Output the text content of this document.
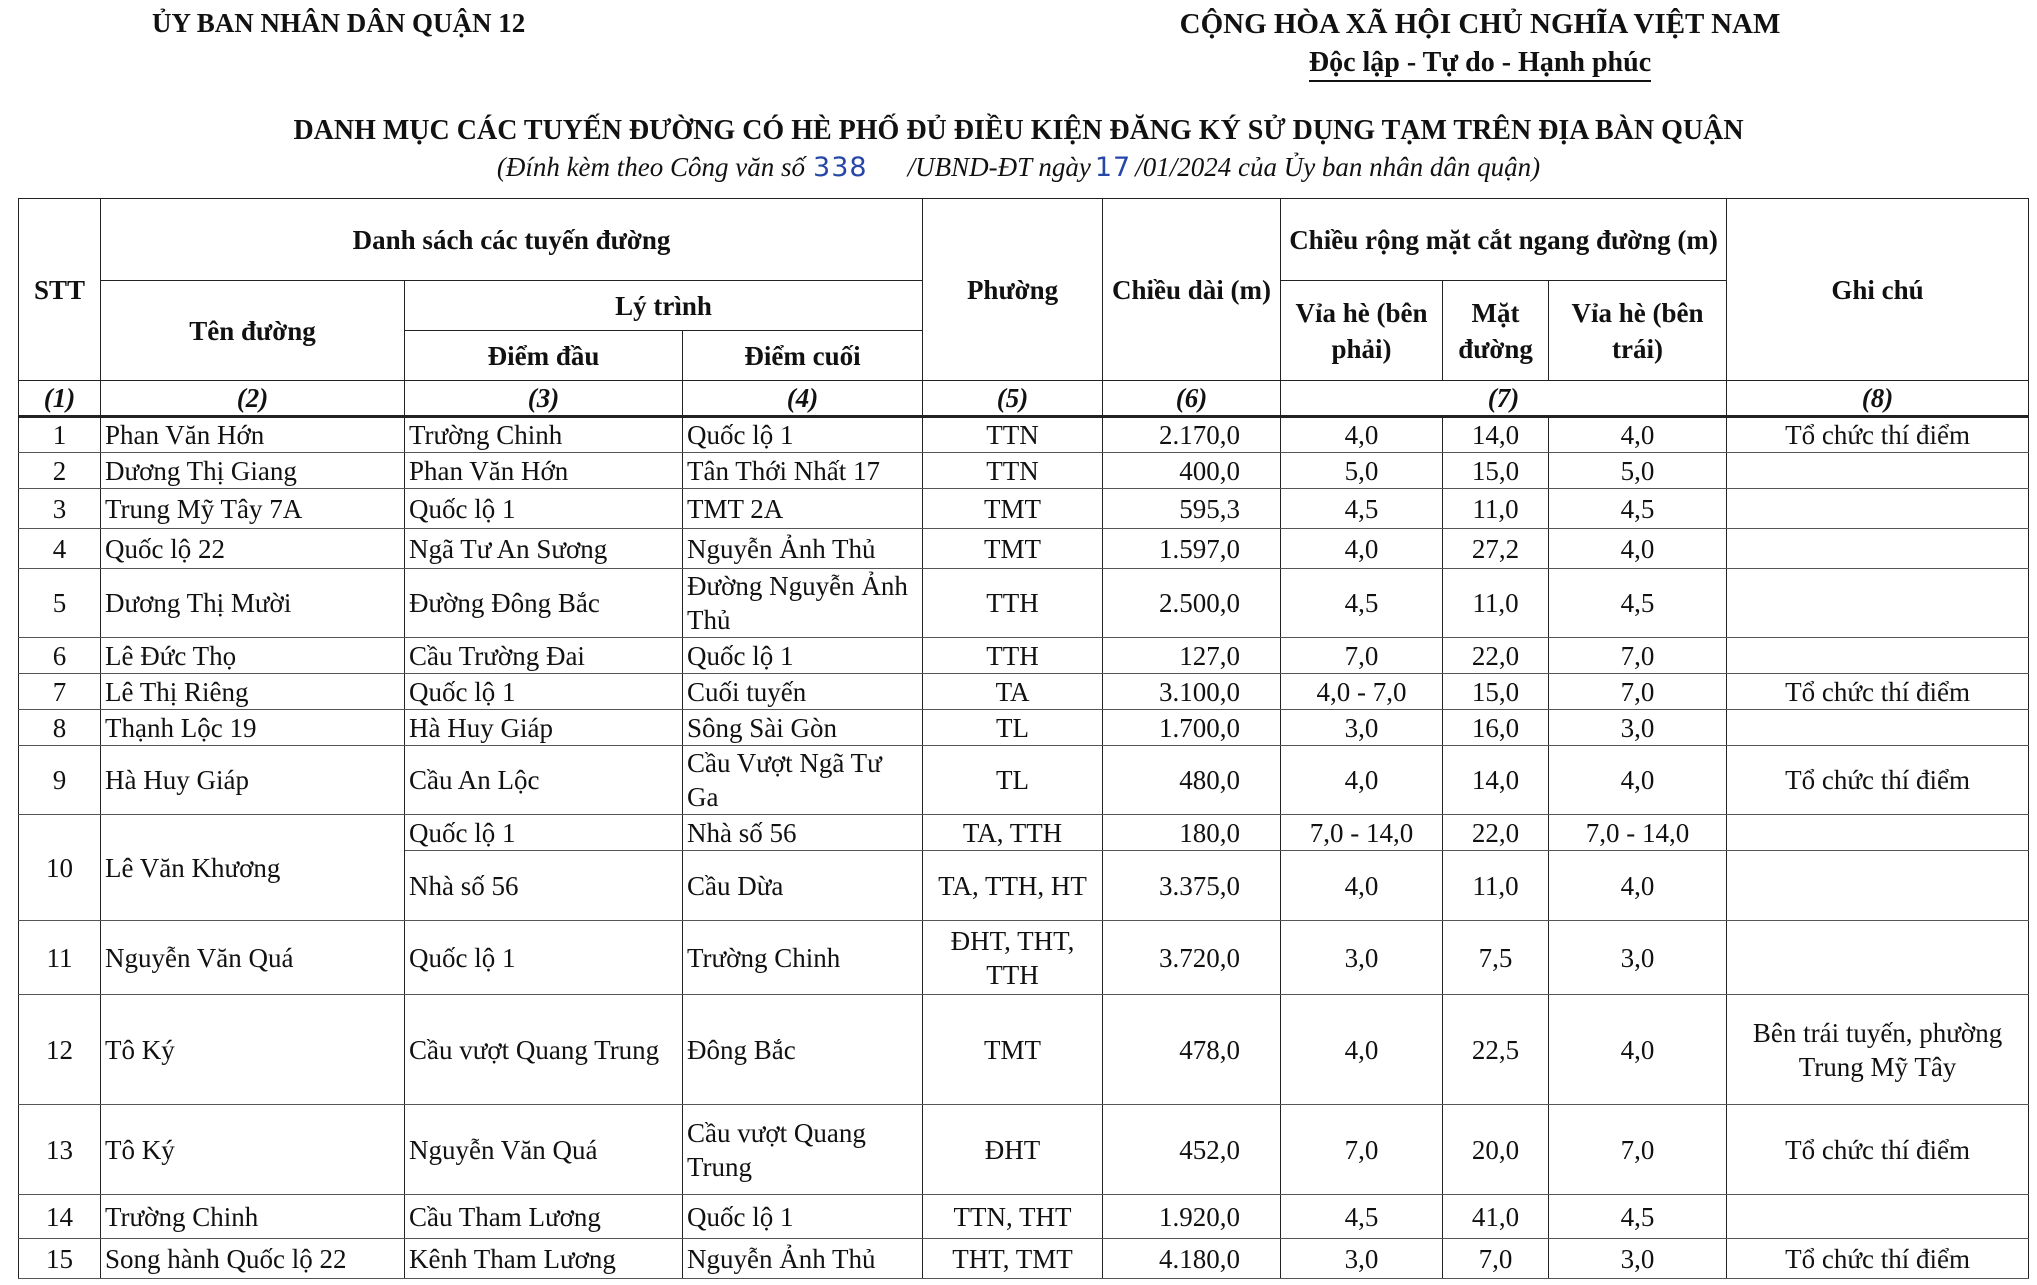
ỦY BAN NHÂN DÂN QUẬN 12	CỘNG HÒA XÃ HỘI CHỦ NGHĨA VIỆT NAM
Độc lập - Tự do - Hạnh phúc
DANH MỤC CÁC TUYẾN ĐƯỜNG CÓ HÈ PHỐ ĐỦ ĐIỀU KIỆN ĐĂNG KÝ SỬ DỤNG TẠM TRÊN ĐỊA BÀN QUẬN
(Đính kèm theo Công văn số 338 /UBND-ĐT ngày 17 /01/2024 của Ủy ban nhân dân quận)
STT	Danh sách các tuyến đường			Phường	Chiều dài (m)	Chiều rộng mặt cắt ngang đường (m)			Ghi chú
	Tên đường	Lý trình				Vỉa hè (bên phải)	Mặt đường	Vỉa hè (bên trái)	
		Điểm đầu	Điểm cuối						
(1)	(2)	(3)	(4)	(5)	(6)	(7)			(8)
1	Phan Văn Hớn	Trường Chinh	Quốc lộ 1	TTN	2.170,0	4,0	14,0	4,0	Tổ chức thí điểm
2	Dương Thị Giang	Phan Văn Hớn	Tân Thới Nhất 17	TTN	400,0	5,0	15,0	5,0	
3	Trung Mỹ Tây 7A	Quốc lộ 1	TMT 2A	TMT	595,3	4,5	11,0	4,5	
4	Quốc lộ 22	Ngã Tư An Sương	Nguyễn Ảnh Thủ	TMT	1.597,0	4,0	27,2	4,0	
5	Dương Thị Mười	Đường Đông Bắc	Đường Nguyễn Ảnh Thủ	TTH	2.500,0	4,5	11,0	4,5	
6	Lê Đức Thọ	Cầu Trường Đai	Quốc lộ 1	TTH	127,0	7,0	22,0	7,0	
7	Lê Thị Riêng	Quốc lộ 1	Cuối tuyến	TA	3.100,0	4,0 - 7,0	15,0	7,0	Tổ chức thí điểm
8	Thạnh Lộc 19	Hà Huy Giáp	Sông Sài Gòn	TL	1.700,0	3,0	16,0	3,0	
9	Hà Huy Giáp	Cầu An Lộc	Cầu Vượt Ngã Tư Ga	TL	480,0	4,0	14,0	4,0	Tổ chức thí điểm
10	Lê Văn Khương	Quốc lộ 1	Nhà số 56	TA, TTH	180,0	7,0 - 14,0	22,0	7,0 - 14,0	
		Nhà số 56	Cầu Dừa	TA, TTH, HT	3.375,0	4,0	11,0	4,0	
11	Nguyễn Văn Quá	Quốc lộ 1	Trường Chinh	ĐHT, THT, TTH	3.720,0	3,0	7,5	3,0	
12	Tô Ký	Cầu vượt Quang Trung	Đông Bắc	TMT	478,0	4,0	22,5	4,0	Bên trái tuyến, phường Trung Mỹ Tây
13	Tô Ký	Nguyễn Văn Quá	Cầu vượt Quang Trung	ĐHT	452,0	7,0	20,0	7,0	Tổ chức thí điểm
14	Trường Chinh	Cầu Tham Lương	Quốc lộ 1	TTN, THT	1.920,0	4,5	41,0	4,5	
15	Song hành Quốc lộ 22	Kênh Tham Lương	Nguyễn Ảnh Thủ	THT, TMT	4.180,0	3,0	7,0	3,0	Tổ chức thí điểm
